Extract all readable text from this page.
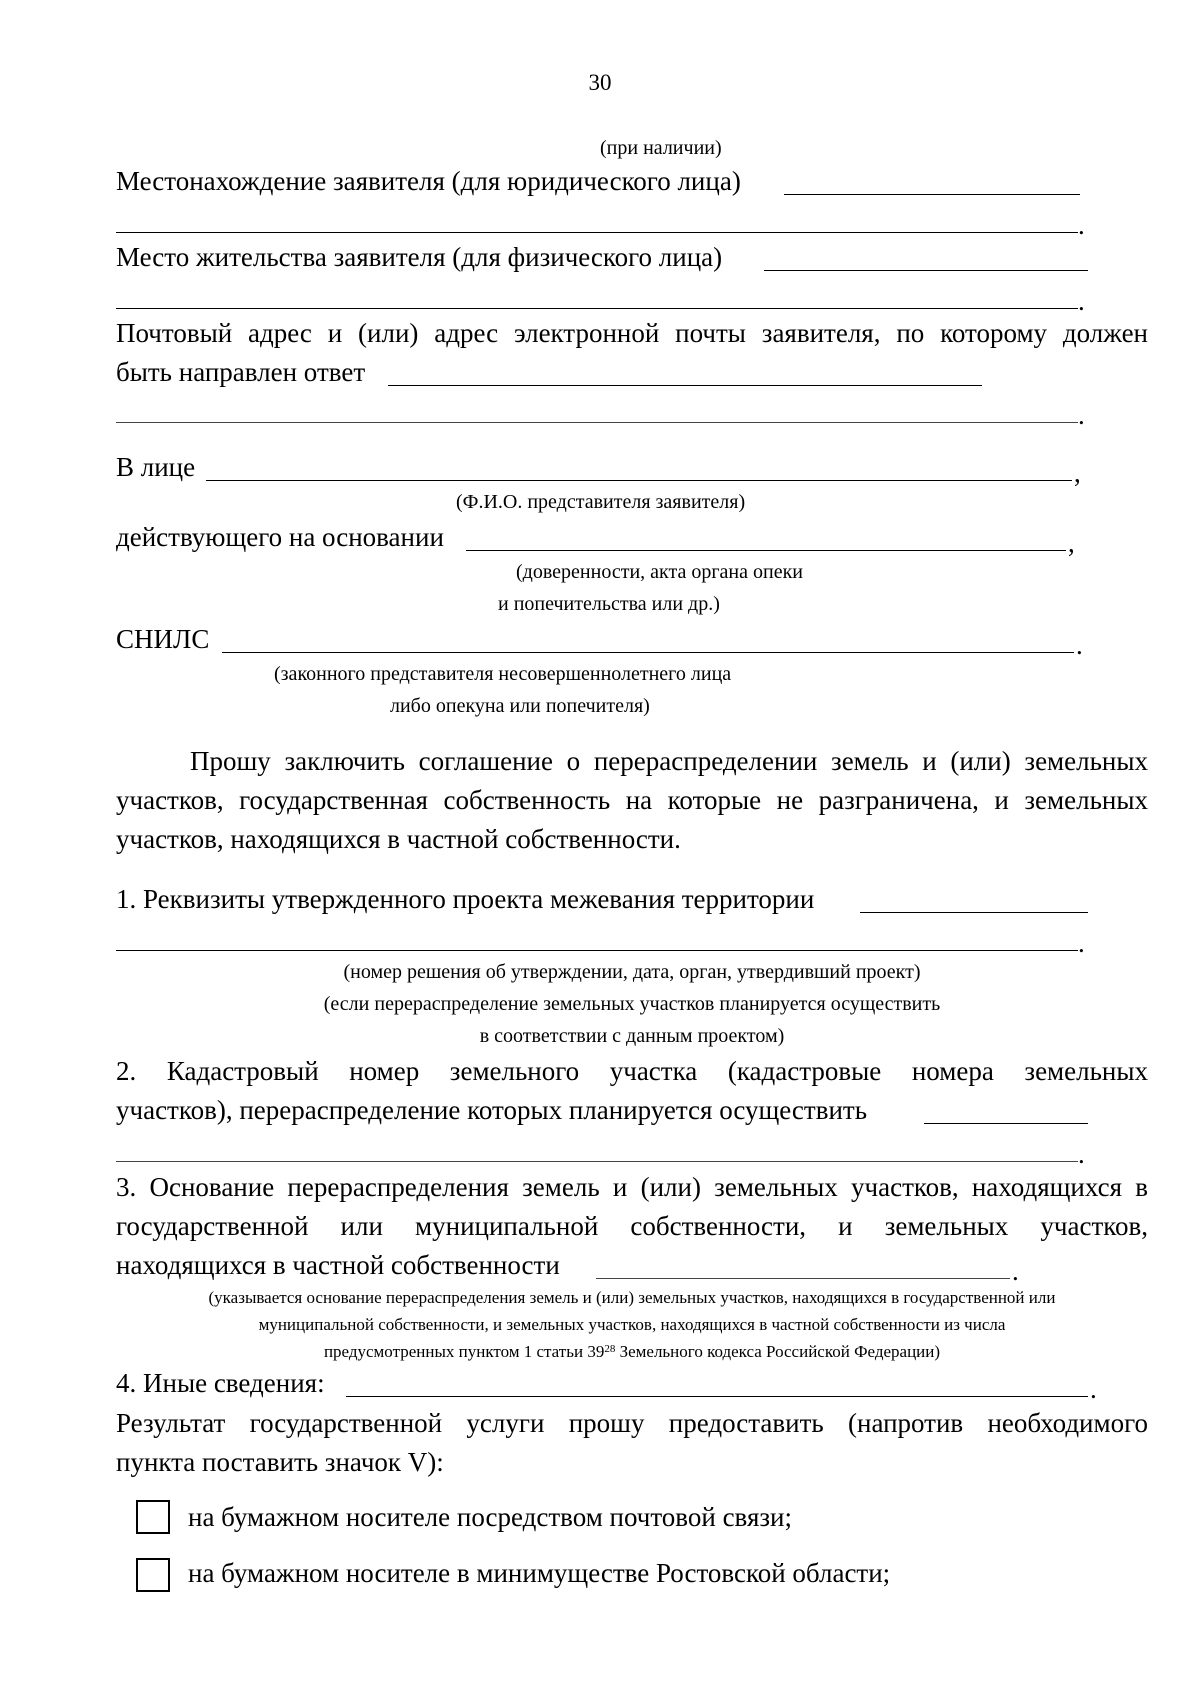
30
(при наличии)
Местонахождение заявителя (для юридического лица)
.
Место жительства заявителя (для физического лица)
.
Почтовый адрес и (или) адрес электронной почты заявителя, по которому должен
быть направлен ответ
.
В лице	,
(Ф.И.О. представителя заявителя)
действующего на основании	,
(доверенности, акта органа опеки
и попечительства или др.)
СНИЛС	.
(законного представителя несовершеннолетнего лица
либо опекуна или попечителя)
Прошу заключить соглашение о перераспределении земель и (или) земельных
участков, государственная собственность на которые не разграничена, и земельных
участков, находящихся в частной собственности.
1. Реквизиты утвержденного проекта межевания территории
.
(номер решения об утверждении, дата, орган, утвердивший проект)
(если перераспределение земельных участков планируется осуществить
в соответствии с данным проектом)
2. Кадастровый номер земельного участка (кадастровые номера земельных
участков), перераспределение которых планируется осуществить
.
3. Основание перераспределения земель и (или) земельных участков, находящихся в
государственной или муниципальной собственности, и земельных участков,
находящихся в частной собственности	.
(указывается основание перераспределения земель и (или) земельных участков, находящихся в государственной или
муниципальной собственности, и земельных участков, находящихся в частной собственности из числа
предусмотренных пунктом 1 статьи $39^{28}$ Земельного кодекса Российской Федерации)
4. Иные сведения:	.
Результат государственной услуги прошу предоставить (напротив необходимого
пункта поставить значок V):
на бумажном носителе посредством почтовой связи;
на бумажном носителе в минимуществе Ростовской области;
